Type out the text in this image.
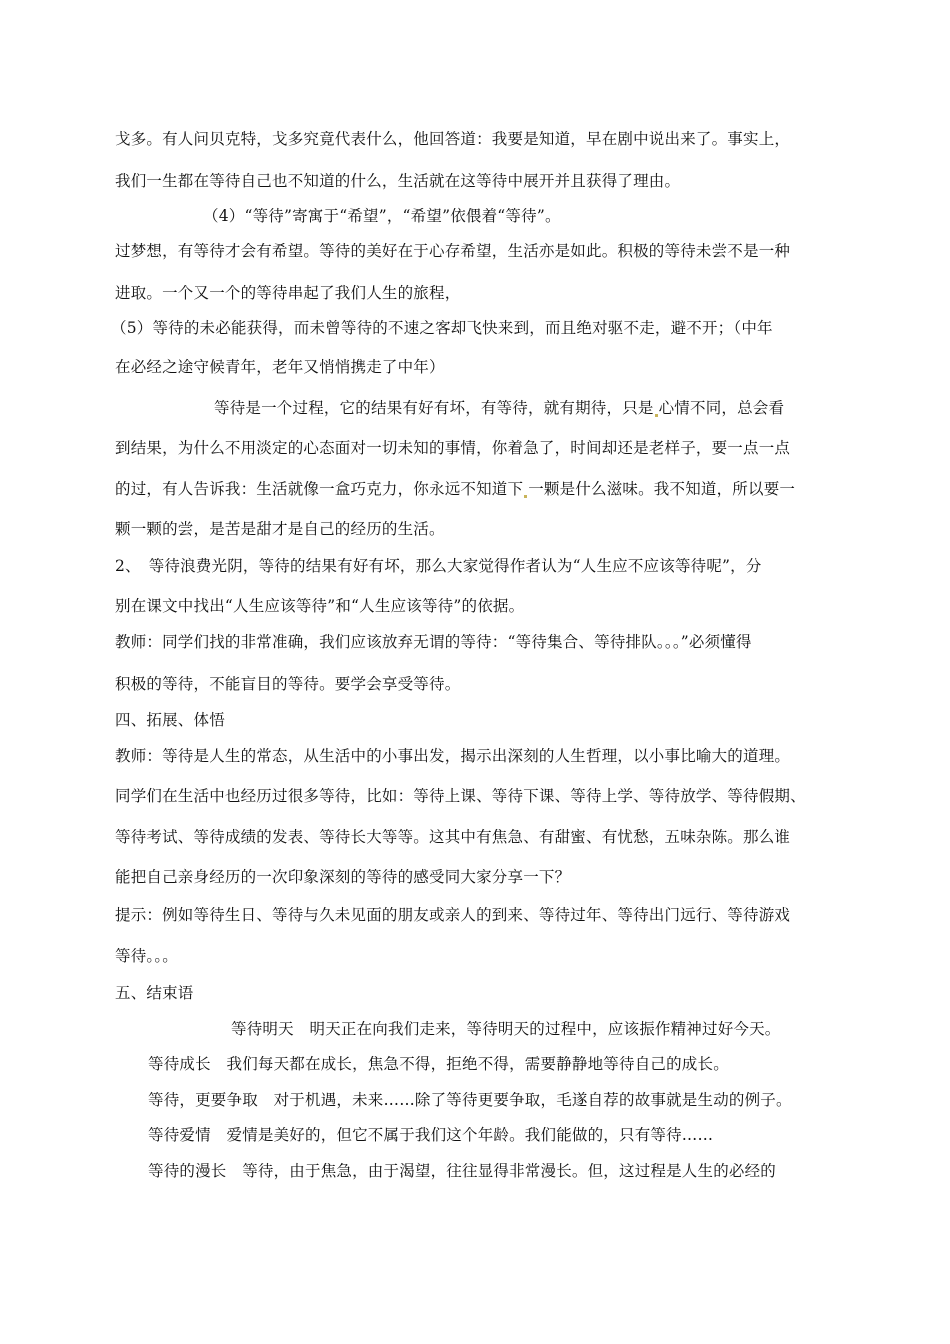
戈多。有人问贝克特，戈多究竟代表什么，他回答道：我要是知道，早在剧中说出来了。事实上，
我们一生都在等待自己也不知道的什么，生活就在这等待中展开并且获得了理由。
（4）“等待”寄寓于“希望”，“希望”依偎着“等待”。
过梦想，有等待才会有希望。等待的美好在于心存希望，生活亦是如此。积极的等待未尝不是一种
进取。一个又一个的等待串起了我们人生的旅程，
（5）等待的未必能获得，而未曾等待的不速之客却飞快来到，而且绝对驱不走，避不开；（中年
在必经之途守候青年，老年又悄悄携走了中年）
等待是一个过程，它的结果有好有坏，有等待，就有期待，只是 心情不同，总会看
到结果，为什么不用淡定的心态面对一切未知的事情，你着急了，时间却还是老样子，要一点一点
的过，有人告诉我：生活就像一盒巧克力，你永远不知道下 一颗是什么滋味。我不知道，所以要一
颗一颗的尝，是苦是甜才是自己的经历的生活。
2、　等待浪费光阴，等待的结果有好有坏，那么大家觉得作者认为“人生应不应该等待呢”，分
别在课文中找出“人生应该等待”和“人生应该等待”的依据。
教师：同学们找的非常准确，我们应该放弃无谓的等待：“等待集合、等待排队。。。”必须懂得
积极的等待，不能盲目的等待。要学会享受等待。
四、拓展、体悟
教师：等待是人生的常态，从生活中的小事出发，揭示出深刻的人生哲理，以小事比喻大的道理。
同学们在生活中也经历过很多等待，比如：等待上课、等待下课、等待上学、等待放学、等待假期、
等待考试、等待成绩的发表、等待长大等等。这其中有焦急、有甜蜜、有忧愁，五味杂陈。那么谁
能把自己亲身经历的一次印象深刻的等待的感受同大家分享一下？
提示：例如等待生日、等待与久未见面的朋友或亲人的到来、等待过年、等待出门远行、等待游戏
等待。。。
五、结束语
等待明天　明天正在向我们走来，等待明天的过程中，应该振作精神过好今天。
等待成长　我们每天都在成长，焦急不得，拒绝不得，需要静静地等待自己的成长。
等待，更要争取　对于机遇，未来……除了等待更要争取，毛遂自荐的故事就是生动的例子。
等待爱情　爱情是美好的，但它不属于我们这个年龄。我们能做的，只有等待……
等待的漫长　等待，由于焦急，由于渴望，往往显得非常漫长。但，这过程是人生的必经的
